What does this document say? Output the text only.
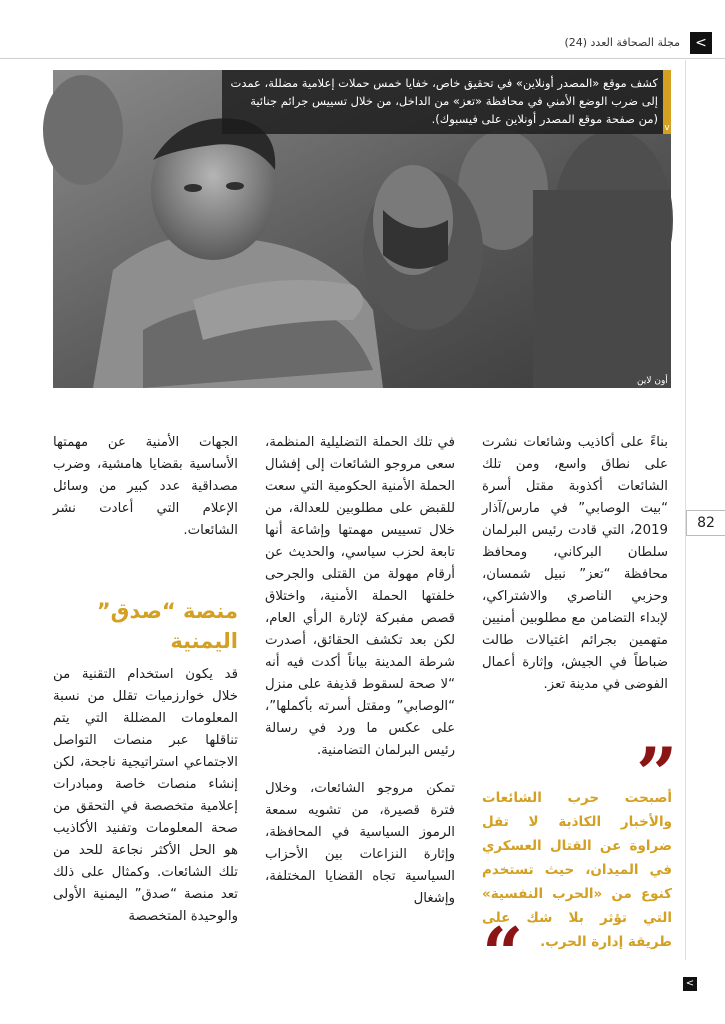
مجلة الصحافة العدد (24)	<
82
أون لاين
المصدر
ALMASDAR ONLINE
كشف موقع «المصدر أونلاين» في تحقيق خاص، خفايا خمس حملات إعلامية مضللة، عمدت إلى ضرب الوضع الأمني في محافظة «تعز» من الداخل، من خلال تسييس جرائم جنائية (من صفحة موقع المصدر أونلاين على فيسبوك).
v

بناءً على أكاذيب وشائعات نشرت على نطاق واسع، ومن تلك الشائعات أكذوبة مقتل أسرة “بيت الوصابي” في مارس/آذار 2019، التي قادت رئيس البرلمان سلطان البركاني، ومحافظ محافظة “تعز” نبيل شمسان، وحزبي الناصري والاشتراكي، لإبداء التضامن مع مطلوبين أمنيين متهمين بجرائم اغتيالات طالت ضباطاً في الجيش، وإثارة أعمال الفوضى في مدينة تعز.

”
أصبحت حرب الشائعات والأخبار الكاذبة لا تقل ضراوة عن القتال العسكري في الميدان، حيث تستخدم كنوع من «الحرب النفسية» التي تؤثر بلا شك على طريقة إدارة الحرب.
“

في تلك الحملة التضليلية المنظمة، سعى مروجو الشائعات إلى إفشال الحملة الأمنية الحكومية التي سعت للقبض على مطلوبين للعدالة، من خلال تسييس مهمتها وإشاعة أنها تابعة لحزب سياسي، والحديث عن أرقام مهولة من القتلى والجرحى خلفتها الحملة الأمنية، واختلاق قصص مفبركة لإثارة الرأي العام، لكن بعد تكشف الحقائق، أصدرت شرطة المدينة بياناً أكدت فيه أنه “لا صحة لسقوط قذيفة على منزل “الوصابي” ومقتل أسرته بأكملها”، على عكس ما ورد في رسالة رئيس البرلمان التضامنية.

تمكن مروجو الشائعات، وخلال فترة قصيرة، من تشويه سمعة الرموز السياسية في المحافظة، وإثارة النزاعات بين الأحزاب السياسية تجاه القضايا المختلفة، وإشغال

الجهات الأمنية عن مهمتها الأساسية بقضايا هامشية، وضرب مصداقية عدد كبير من وسائل الإعلام التي أعادت نشر الشائعات.

منصة “صدق” اليمنية

قد يكون استخدام التقنية من خلال خوارزميات تقلل من نسبة المعلومات المضللة التي يتم تناقلها عبر منصات التواصل الاجتماعي استراتيجية ناجحة، لكن إنشاء منصات خاصة ومبادرات إعلامية متخصصة في التحقق من صحة المعلومات وتفنيد الأكاذيب هو الحل الأكثر نجاعة للحد من تلك الشائعات. وكمثال على ذلك تعد منصة “صدق” اليمنية الأولى والوحيدة المتخصصة

<
